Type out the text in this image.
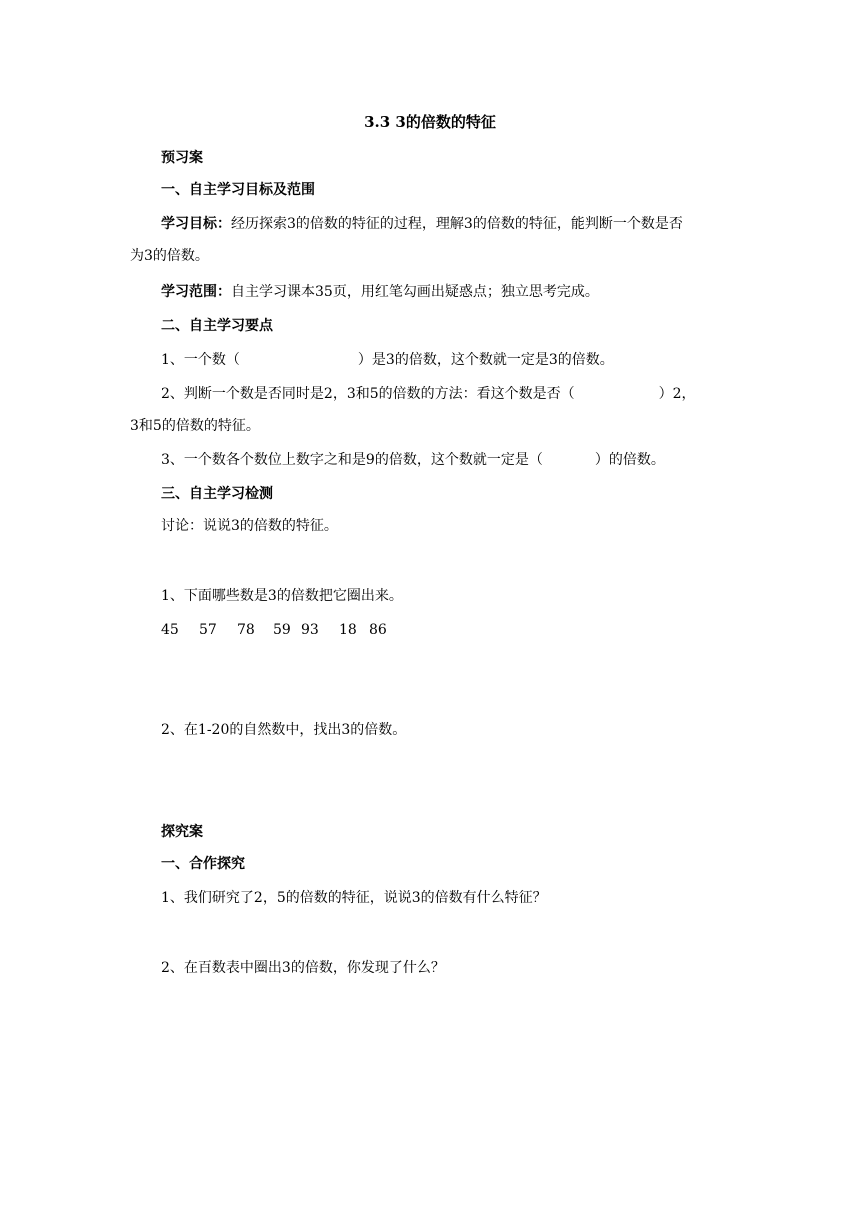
3.3 3的倍数的特征
预习案
一、自主学习目标及范围
学习目标：经历探索3的倍数的特征的过程，理解3的倍数的特征，能判断一个数是否
为3的倍数。
学习范围：自主学习课本35页，用红笔勾画出疑惑点；独立思考完成。
二、自主学习要点
1、一个数（	）是3的倍数，这个数就一定是3的倍数。
2、判断一个数是否同时是2，3和5的倍数的方法：看这个数是否（	）2，
3和5的倍数的特征。
3、一个数各个数位上数字之和是9的倍数，这个数就一定是（	）的倍数。
三、自主学习检测
讨论：说说3的倍数的特征。
1、下面哪些数是3的倍数把它圈出来。
45 57 78 59 93 18 86
2、在1-20的自然数中，找出3的倍数。
探究案
一、合作探究
1、我们研究了2，5的倍数的特征，说说3的倍数有什么特征？
2、在百数表中圈出3的倍数，你发现了什么？
